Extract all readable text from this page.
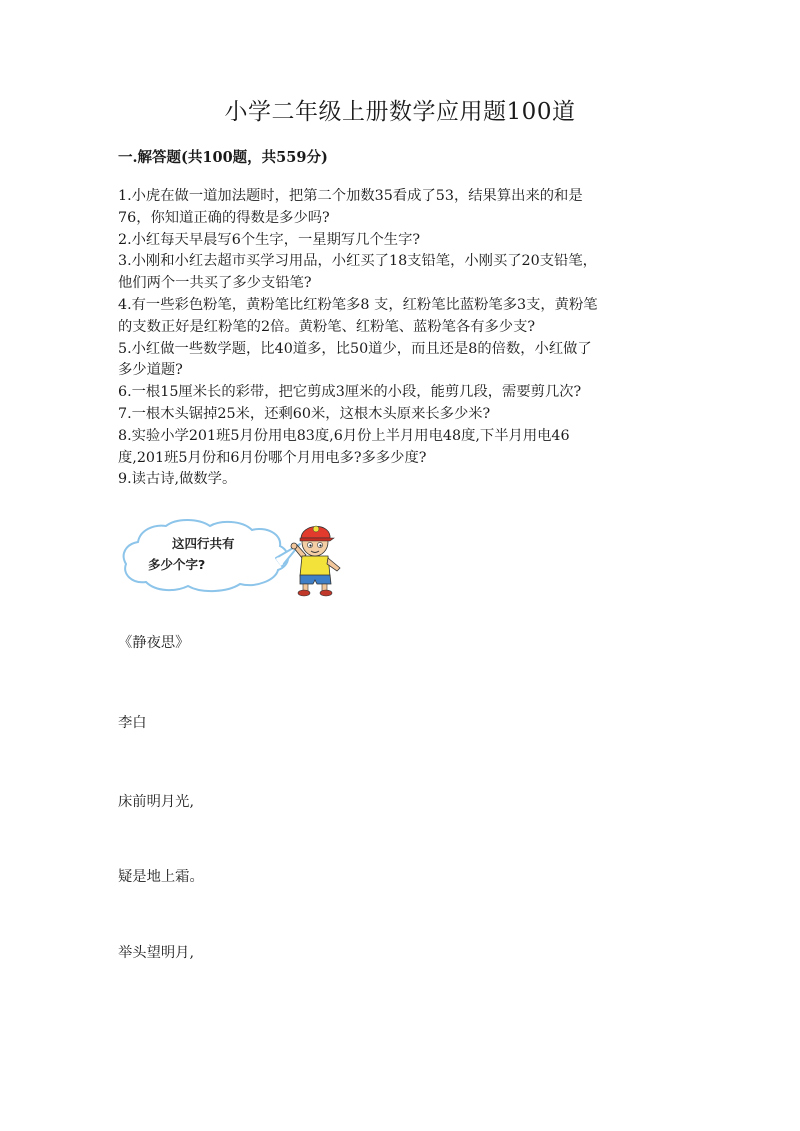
小学二年级上册数学应用题100道
一.解答题(共100题，共559分)
1.小虎在做一道加法题时，把第二个加数35看成了53，结果算出来的和是
76，你知道正确的得数是多少吗?
2.小红每天早晨写6个生字，一星期写几个生字?
3.小刚和小红去超市买学习用品，小红买了18支铅笔，小刚买了20支铅笔，
他们两个一共买了多少支铅笔?
4.有一些彩色粉笔，黄粉笔比红粉笔多8 支，红粉笔比蓝粉笔多3支，黄粉笔
的支数正好是红粉笔的2倍。黄粉笔、红粉笔、蓝粉笔各有多少支?
5.小红做一些数学题，比40道多，比50道少，而且还是8的倍数，小红做了
多少道题?
6.一根15厘米长的彩带，把它剪成3厘米的小段，能剪几段，需要剪几次?
7.一根木头锯掉25米，还剩60米，这根木头原来长多少米?
8.实验小学201班5月份用电83度,6月份上半月用电48度,下半月用电46
度,201班5月份和6月份哪个月用电多?多多少度?
9.读古诗,做数学。
这四行共有
多少个字?
《静夜思》
李白
床前明月光,
疑是地上霜。
举头望明月,
